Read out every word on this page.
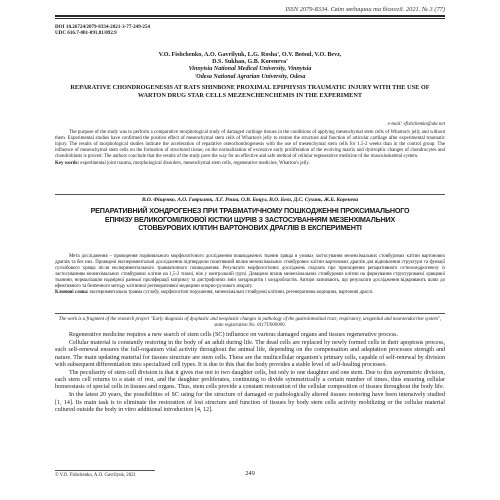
ISSN 2079-8334. Світ медицини та біології. 2021. № 3 (77)
DOI 10.26724/2079-8334-2021-3-77-249-254
UDC 616.7-001-091.81/092.9
V.O. Fishchenko, A.O. Gavrilyuk, L.G. Rosha', O.V. Botsul, V.O. Bevz,
D.S. Sukhan, G.B. Koreneva'
Vinnytsia National Medical University, Vinnytsia
'Odesa National Agrarian University, Odesa
REPARATIVE CHONDROGENESIS AT RATS SHINBONE PROXIMAL EPIPHYSIS TRAUMATIC INJURY WITH THE USE OF WARTON DRUG STAR CELLS MEZENCHENCHEMIS IN THE EXPERIMENT
e-mail: vfishchenko@ukr.net

The purpose of the study was to perform a comparative morphological study of damaged cartilage tissues in the conditions of applying mesenchymal stem cells of Wharton's jelly and without them. Experimental studies have confirmed the positive effect of mesenchymal stem cells of Wharton's jelly to restore the structure and function of articular cartilage after experimental traumatic injury. The results of morphological studies indicate the acceleration of reparative osteochondrogenesis with the use of mesenchymal stem cells for 1.5-2 weeks than in the control group. The influence of mesenchymal stem cells on the formation of structured tissue, on the normalization of excessive early proliferation of the evolving matrix and dystrophic changes of chondrocytes and chondroblasts is proved. The authors conclude that the results of the study pave the way for an effective and safe method of cellular regenerative medicine of the musculoskeletal system.

Key words: experimental joint trauma, morphological disorders, mesenchymal stem cells, regenerative medicine, Wharton's jelly.
В.О. Фіщенко, А.О. Гаврилюк, Л.Г. Роша, О.В. Боцул, В.О. Бевз, Д.С. Сухань, Ж.Б. Коренева
РЕПАРАТИВНИЙ ХОНДРОГЕНЕЗ ПРИ ТРАВМАТИЧНОМУ ПОШКОДЖЕННІ ПРОКСИМАЛЬНОГО ЕПІФІЗУ ВЕЛИКОГОМІЛКОВОЇ КІСТКИ ЩУРІВ З ЗАСТОСУВАННЯМ МЕЗЕНХІМАЛЬНИХ СТОВБУРОВИХ КЛІТИН ВАРТОНОВИХ ДРАГЛІВ В ЕКСПЕРИМЕНТІ

Мета дослідження – проведення порівняльного морфологічного дослідження пошкоджених тканин хряща в умовах застосування мезенхімальних стовбурових клітин вартонових драглів та без них. Проведені експериментальні дослідження підтвердили позитивний вплив мезенхімальних стовбурових клітин вартонових драглів для відновлення структури та функції суглобового хряща після експериментального травматичного пошкодження. Результати морфологічних досліджень свідчать про прискорення репаративного остеохондрогенезу із застосуванням мезенхімальних стовбурових клітин на 1,5-2 тижні, ніж у контрольній групі. Доведено вплив мезенхімальних стовбурових клітин на формування структурованої хрящової тканини, нормалізацію надмірної ранньої проліферації матриксу та дистрофічних змін хондроцитів і хондробластів. Автори зазначають, що результати дослідження відкривають шлях до ефективного та безпечного методу клітинної регенеративної медицини опорно-рухового апарату.

Ключові слова: експериментальна травма суглобу, морфологічні порушення, мезенхімальні стовбурові клітини, регенеративна медицина, вартонові драглі.
The work is a fragment of the research project "Early diagnosis of dysplastic and neoplastic changes in pathology of the gastrointestinal tract, respiratory, urogenital and neuroendocrine system", state registration No. 0117U000000.

Regenerative medicine requires a new search of stem cells (SC) influence on various damaged organs and tissues regenerative process.

Cellular material is constantly restoring in the body of an adult during life. The dead cells are replaced by newly formed cells in their apoptosis process, such self-renewal ensures the full-organism vital activity throughout the animal life, depending on the compensation and adaptation processes strength and nature. The main updating material for tissues structure are stem cells. These are the multicellular organism's primary cells, capable of self-renewal by division with subsequent differentiation into specialized cell types. It is due to this that the body provides a stable level of self-healing processes.

The peculiarity of stem cell division is that it gives rise not to two daughter cells, but only to one daughter and one stem. Due to this asymmetric division, each stem cell returns to a state of rest, and the daughter proliferates, continuing to divide symmetrically a certain number of times, thus ensuring cellular homeostasis of special cells in tissues and organs. Thus, stem cells provide a constant restoration of the cellular composition of tissues throughout the body life.

In the latest 20 years, the possibilities of SC using for the structure of damaged or pathologically altered tissues restoring have been intensively studied [1, 14]. Its main task is to eliminate the restoration of lost structure and function of tissues by body stem cells activity mobilizing or the cellular material cultured outside the body in vitro additional introduction [4, 12].

© V.O. Fishchenko, A.O. Gavrilyuk, 2021	249
